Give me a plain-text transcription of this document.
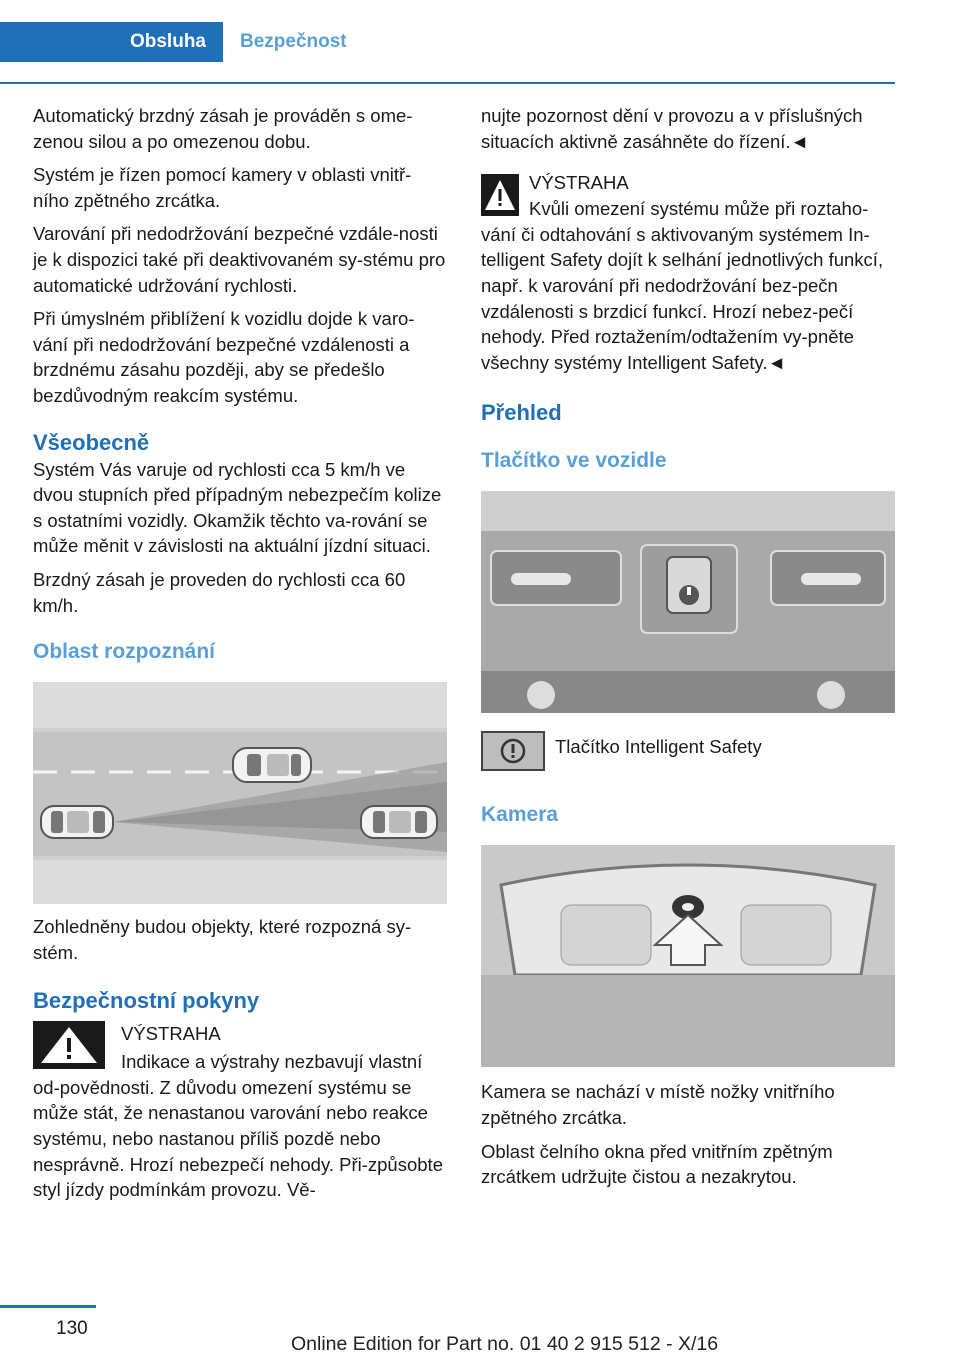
Obsluha Bezpečnost

Automatický brzdný zásah je prováděn s ome‐zenou silou a po omezenou dobu.

Systém je řízen pomocí kamery v oblasti vnitř‐ního zpětného zrcátka.

Varování při nedodržování bezpečné vzdále‐nosti je k dispozici také při deaktivovaném sy‐stému pro automatické udržování rychlosti.

Při úmyslném přiblížení k vozidlu dojde k varo‐vání při nedodržování bezpečné vzdálenosti a brzdnému zásahu později, aby se předešlo bezdůvodným reakcím systému.

Všeobecně

Systém Vás varuje od rychlosti cca 5 km/h ve dvou stupních před případným nebezpečím kolize s ostatními vozidly. Okamžik těchto va‐rování se může měnit v závislosti na aktuální jízdní situaci.

Brzdný zásah je proveden do rychlosti cca 60 km/h.

Oblast rozpoznání

Zohledněny budou objekty, které rozpozná sy‐stém.

Bezpečnostní pokyny
VÝSTRAHA

Indikace a výstrahy nezbavují vlastní od‐povědnosti. Z důvodu omezení systému se může stát, že nenastanou varování nebo reakce systému, nebo nastanou příliš pozdě nebo nesprávně. Hrozí nebezpečí nehody. Při‐způsobte styl jízdy podmínkám provozu. Vě‐

nujte pozornost dění v provozu a v příslušných situacích aktivně zasáhněte do řízení.◄

VÝSTRAHA

Kvůli omezení systému může při roztaho‐vání či odtahování s aktivovaným systémem In‐telligent Safety dojít k selhání jednotlivých funkcí, např. k varování při nedodržování bez‐pečn vzdálenosti s brzdicí funkcí. Hrozí nebez‐pečí nehody. Před roztažením/odtažením vy‐pněte všechny systémy Intelligent Safety.◄

Přehled
Tlačítko ve vozidle
Tlačítko Intelligent Safety
Kamera

Kamera se nachází v místě nožky vnitřního zpětného zrcátka.

Oblast čelního okna před vnitřním zpětným zrcátkem udržujte čistou a nezakrytou.

130
Online Edition for Part no. 01 40 2 915 512 - X/16
